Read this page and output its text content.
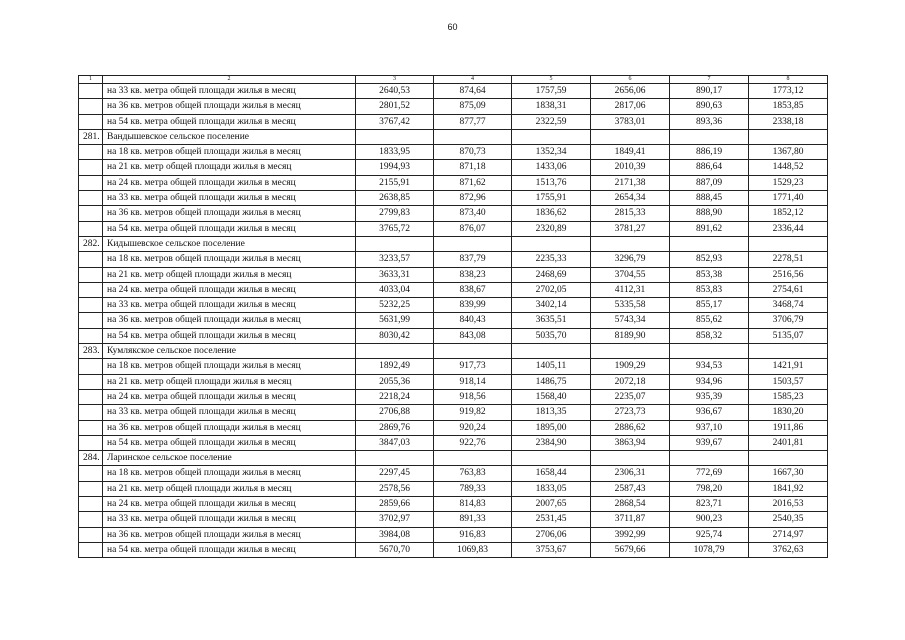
60
1	2	3	4	5	6	7	8
	на 33 кв. метра общей площади жилья в месяц	2640,53	874,64	1757,59	2656,06	890,17	1773,12
	на 36 кв. метров общей площади жилья в месяц	2801,52	875,09	1838,31	2817,06	890,63	1853,85
	на 54 кв. метра общей площади жилья в месяц	3767,42	877,77	2322,59	3783,01	893,36	2338,18
281.	Вандышевское сельское поселение						
	на 18 кв. метров общей площади жилья в месяц	1833,95	870,73	1352,34	1849,41	886,19	1367,80
	на 21 кв. метр общей площади жилья в месяц	1994,93	871,18	1433,06	2010,39	886,64	1448,52
	на 24 кв. метра общей площади жилья в месяц	2155,91	871,62	1513,76	2171,38	887,09	1529,23
	на 33 кв. метра общей площади жилья в месяц	2638,85	872,96	1755,91	2654,34	888,45	1771,40
	на 36 кв. метров общей площади жилья в месяц	2799,83	873,40	1836,62	2815,33	888,90	1852,12
	на 54 кв. метра общей площади жилья в месяц	3765,72	876,07	2320,89	3781,27	891,62	2336,44
282.	Кидышевское сельское поселение						
	на 18 кв. метров общей площади жилья в месяц	3233,57	837,79	2235,33	3296,79	852,93	2278,51
	на 21 кв. метр общей площади жилья в месяц	3633,31	838,23	2468,69	3704,55	853,38	2516,56
	на 24 кв. метра общей площади жилья в месяц	4033,04	838,67	2702,05	4112,31	853,83	2754,61
	на 33 кв. метра общей площади жилья в месяц	5232,25	839,99	3402,14	5335,58	855,17	3468,74
	на 36 кв. метров общей площади жилья в месяц	5631,99	840,43	3635,51	5743,34	855,62	3706,79
	на 54 кв. метра общей площади жилья в месяц	8030,42	843,08	5035,70	8189,90	858,32	5135,07
283.	Кумлякское сельское поселение						
	на 18 кв. метров общей площади жилья в месяц	1892,49	917,73	1405,11	1909,29	934,53	1421,91
	на 21 кв. метр общей площади жилья в месяц	2055,36	918,14	1486,75	2072,18	934,96	1503,57
	на 24 кв. метра общей площади жилья в месяц	2218,24	918,56	1568,40	2235,07	935,39	1585,23
	на 33 кв. метра общей площади жилья в месяц	2706,88	919,82	1813,35	2723,73	936,67	1830,20
	на 36 кв. метров общей площади жилья в месяц	2869,76	920,24	1895,00	2886,62	937,10	1911,86
	на 54 кв. метра общей площади жилья в месяц	3847,03	922,76	2384,90	3863,94	939,67	2401,81
284.	Ларинское сельское поселение						
	на 18 кв. метров общей площади жилья в месяц	2297,45	763,83	1658,44	2306,31	772,69	1667,30
	на 21 кв. метр общей площади жилья в месяц	2578,56	789,33	1833,05	2587,43	798,20	1841,92
	на 24 кв. метра общей площади жилья в месяц	2859,66	814,83	2007,65	2868,54	823,71	2016,53
	на 33 кв. метра общей площади жилья в месяц	3702,97	891,33	2531,45	3711,87	900,23	2540,35
	на 36 кв. метров общей площади жилья в месяц	3984,08	916,83	2706,06	3992,99	925,74	2714,97
	на 54 кв. метра общей площади жилья в месяц	5670,70	1069,83	3753,67	5679,66	1078,79	3762,63
